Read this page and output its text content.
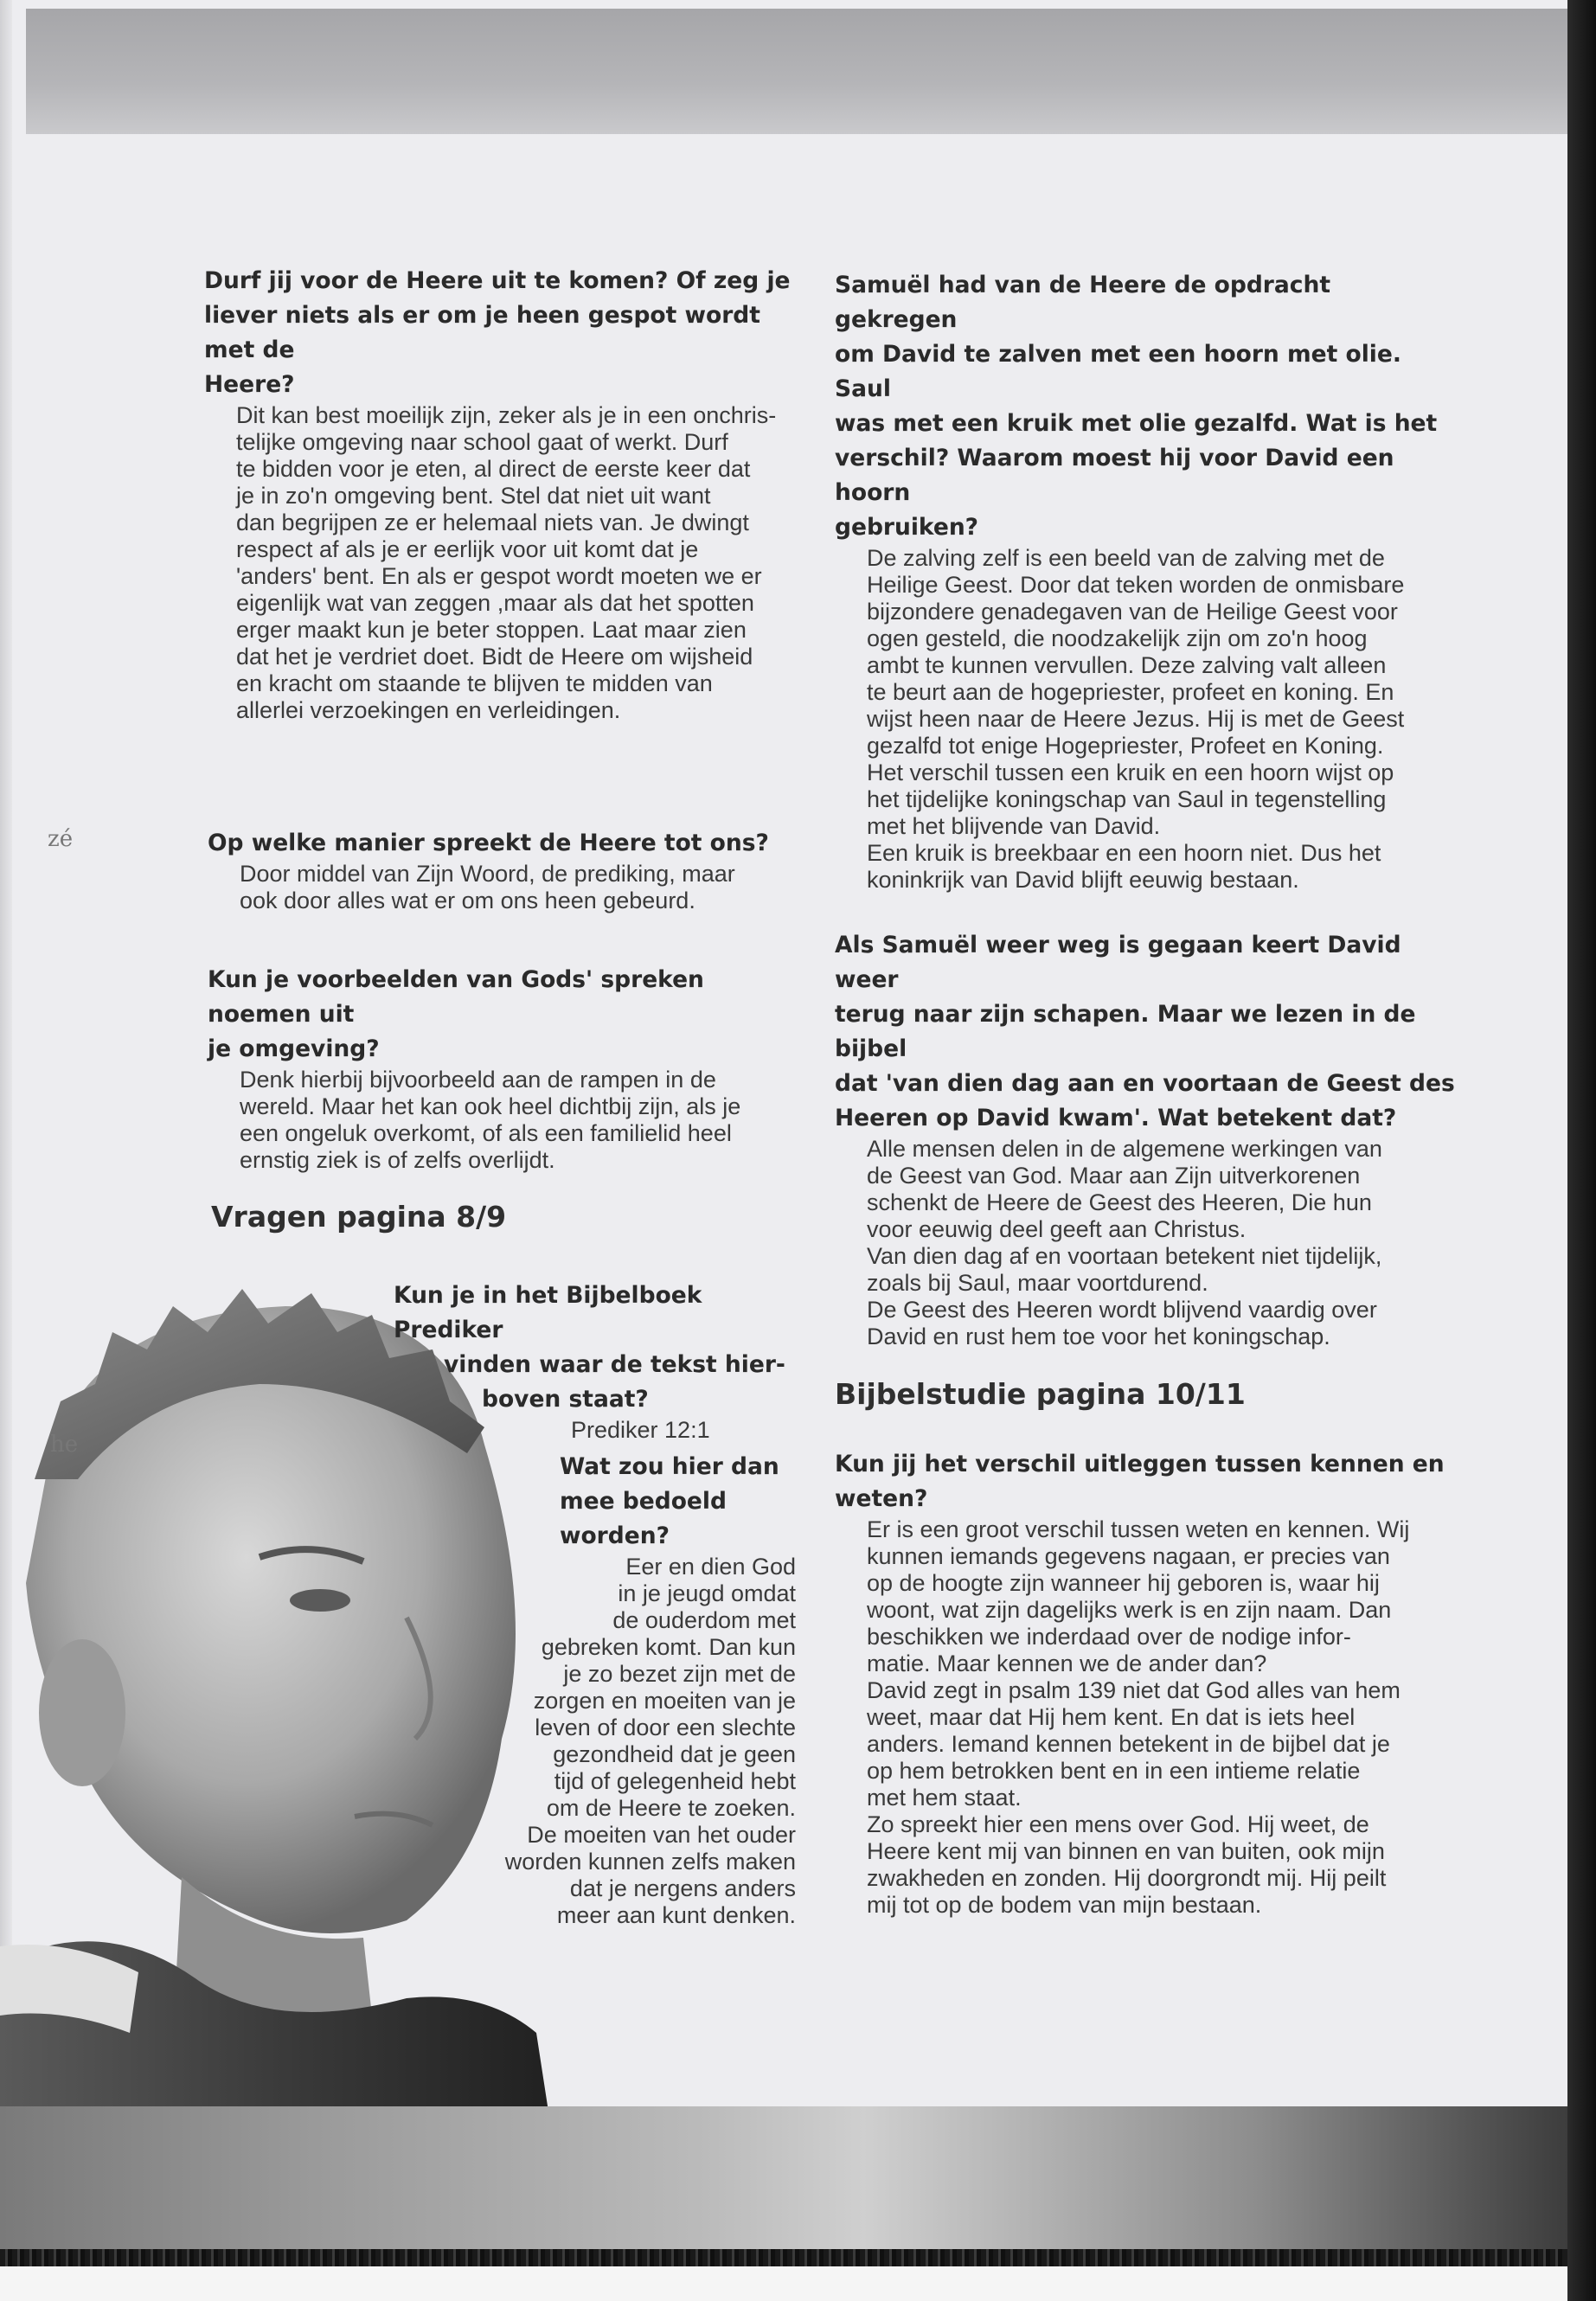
Durf jij voor de Heere uit te komen? Of zeg je
liever niets als er om je heen gespot wordt met de
Heere?
Dit kan best moeilijk zijn, zeker als je in een onchris-
telijke omgeving naar school gaat of werkt. Durf
te bidden voor je eten, al direct de eerste keer dat
je in zo'n omgeving bent. Stel dat niet uit want
dan begrijpen ze er helemaal niets van. Je dwingt
respect af als je er eerlijk voor uit komt dat je
'anders' bent. En als er gespot wordt moeten we er
eigenlijk wat van zeggen ,maar als dat het spotten
erger maakt kun je beter stoppen. Laat maar zien
dat het je verdriet doet. Bidt de Heere om wijsheid
en kracht om staande te blijven te midden van
allerlei verzoekingen en verleidingen.
Op welke manier spreekt de Heere tot ons?
Door middel van Zijn Woord, de prediking, maar
ook door alles wat er om ons heen gebeurd.
Kun je voorbeelden van Gods' spreken noemen uit
je omgeving?
Denk hierbij bijvoorbeeld aan de rampen in de
wereld. Maar het kan ook heel dichtbij zijn, als je
een ongeluk overkomt, of als een familielid heel
ernstig ziek is of zelfs overlijdt.
Vragen pagina 8/9
Kun je in het Bijbelboek Prediker
vinden waar de tekst hier-
boven staat?
Prediker 12:1
Wat zou hier dan
mee bedoeld
worden?
Eer en dien God
in je jeugd omdat
de ouderdom met
gebreken komt. Dan kun
je zo bezet zijn met de
zorgen en moeiten van je
leven of door een slechte
gezondheid dat je geen
tijd of gelegenheid hebt
om de Heere te zoeken.
De moeiten van het ouder
worden kunnen zelfs maken
dat je nergens anders
meer aan kunt denken.
Samuël had van de Heere de opdracht gekregen
om David te zalven met een hoorn met olie. Saul
was met een kruik met olie gezalfd. Wat is het
verschil? Waarom moest hij voor David een hoorn
gebruiken?
De zalving zelf is een beeld van de zalving met de
Heilige Geest. Door dat teken worden de onmisbare
bijzondere genadegaven van de Heilige Geest voor
ogen gesteld, die noodzakelijk zijn om zo'n hoog
ambt te kunnen vervullen. Deze zalving valt alleen
te beurt aan de hogepriester, profeet en koning. En
wijst heen naar de Heere Jezus. Hij is met de Geest
gezalfd tot enige Hogepriester, Profeet en Koning.
Het verschil tussen een kruik en een hoorn wijst op
het tijdelijke koningschap van Saul in tegenstelling
met het blijvende van David.
Een kruik is breekbaar en een hoorn niet. Dus het
koninkrijk van David blijft eeuwig bestaan.
Als Samuël weer weg is gegaan keert David weer
terug naar zijn schapen. Maar we lezen in de bijbel
dat 'van dien dag aan en voortaan de Geest des
Heeren op David kwam'. Wat betekent dat?
Alle mensen delen in de algemene werkingen van
de Geest van God. Maar aan Zijn uitverkorenen
schenkt de Heere de Geest des Heeren, Die hun
voor eeuwig deel geeft aan Christus.
Van dien dag af en voortaan betekent niet tijdelijk,
zoals bij Saul, maar voortdurend.
De Geest des Heeren wordt blijvend vaardig over
David en rust hem toe voor het koningschap.
Bijbelstudie pagina 10/11
Kun jij het verschil uitleggen tussen kennen en
weten?
Er is een groot verschil tussen weten en kennen. Wij
kunnen iemands gegevens nagaan, er precies van
op de hoogte zijn wanneer hij geboren is, waar hij
woont, wat zijn dagelijks werk is en zijn naam. Dan
beschikken we inderdaad over de nodige infor-
matie. Maar kennen we de ander dan?
David zegt in psalm 139 niet dat God alles van hem
weet, maar dat Hij hem kent. En dat is iets heel
anders. Iemand kennen betekent in de bijbel dat je
op hem betrokken bent en in een intieme relatie
met hem staat.
Zo spreekt hier een mens over God. Hij weet, de
Heere kent mij van binnen en van buiten, ook mijn
zwakheden en zonden. Hij doorgrondt mij. Hij peilt
mij tot op de bodem van mijn bestaan.
zé
he
